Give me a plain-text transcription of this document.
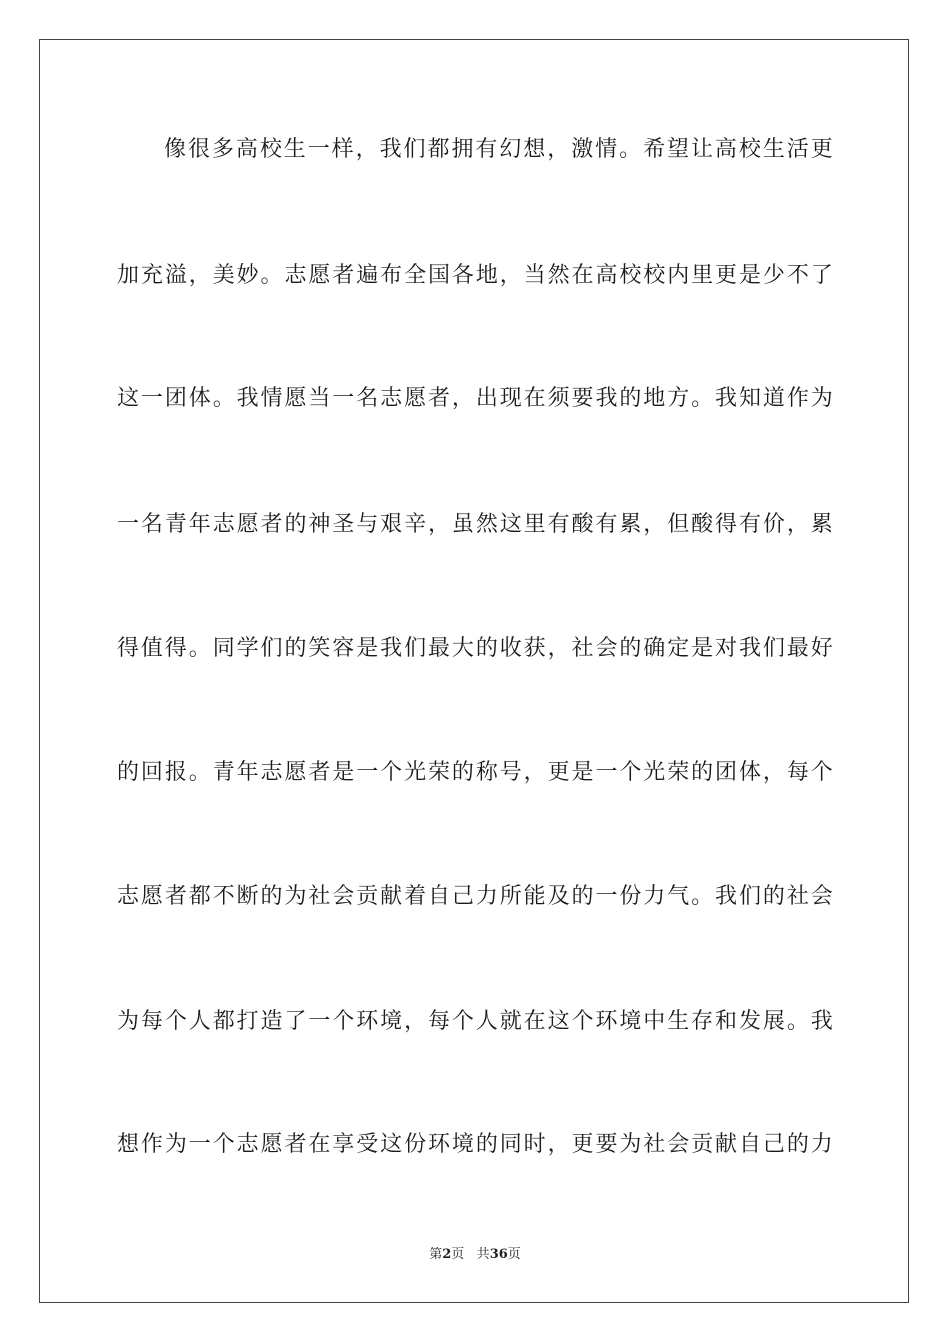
像 很 多 高 校 生 一 样 ， 我 们 都 拥 有 幻 想 ， 激 情 。 希 望 让 高 校 生 活 更
加 充 溢 ， 美 妙 。 志 愿 者 遍 布 全 国 各 地 ， 当 然 在 高 校 校 内 里 更 是 少 不 了
这 一 团 体 。 我 情 愿 当 一 名 志 愿 者 ， 出 现 在 须 要 我 的 地 方 。 我 知 道 作 为
一 名 青 年 志 愿 者 的 神 圣 与 艰 辛 ， 虽 然 这 里 有 酸 有 累 ， 但 酸 得 有 价 ， 累
得 值 得 。 同 学 们 的 笑 容 是 我 们 最 大 的 收 获 ， 社 会 的 确 定 是 对 我 们 最 好
的 回 报 。 青 年 志 愿 者 是 一 个 光 荣 的 称 号 ， 更 是 一 个 光 荣 的 团 体 ， 每 个
志 愿 者 都 不 断 的 为 社 会 贡 献 着 自 己 力 所 能 及 的 一 份 力 气 。 我 们 的 社 会
为 每 个 人 都 打 造 了 一 个 环 境 ， 每 个 人 就 在 这 个 环 境 中 生 存 和 发 展 。 我
想 作 为 一 个 志 愿 者 在 享 受 这 份 环 境 的 同 时 ， 更 要 为 社 会 贡 献 自 己 的 力
第2页 共36页
